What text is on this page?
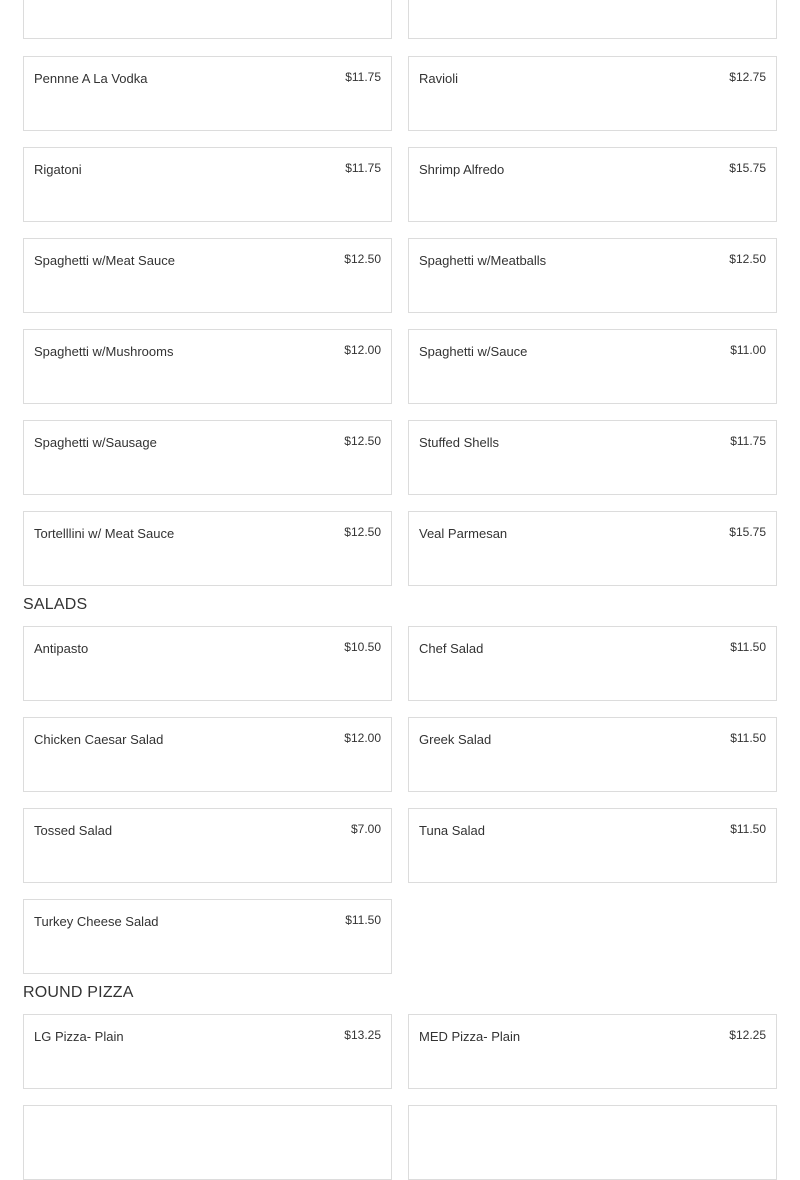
Pennne A La Vodka	$11.75	Ravioli	$12.75
Rigatoni	$11.75	Shrimp Alfredo	$15.75
Spaghetti w/Meat Sauce	$12.50	Spaghetti w/Meatballs	$12.50
Spaghetti w/Mushrooms	$12.00	Spaghetti w/Sauce	$11.00
Spaghetti w/Sausage	$12.50	Stuffed Shells	$11.75
Tortelllini w/ Meat Sauce	$12.50	Veal Parmesan	$15.75
SALADS
Antipasto	$10.50	Chef Salad	$11.50
Chicken Caesar Salad	$12.00	Greek Salad	$11.50
Tossed Salad	$7.00	Tuna Salad	$11.50
Turkey Cheese Salad	$11.50
ROUND PIZZA
LG Pizza- Plain	$13.25	MED Pizza- Plain	$12.25
